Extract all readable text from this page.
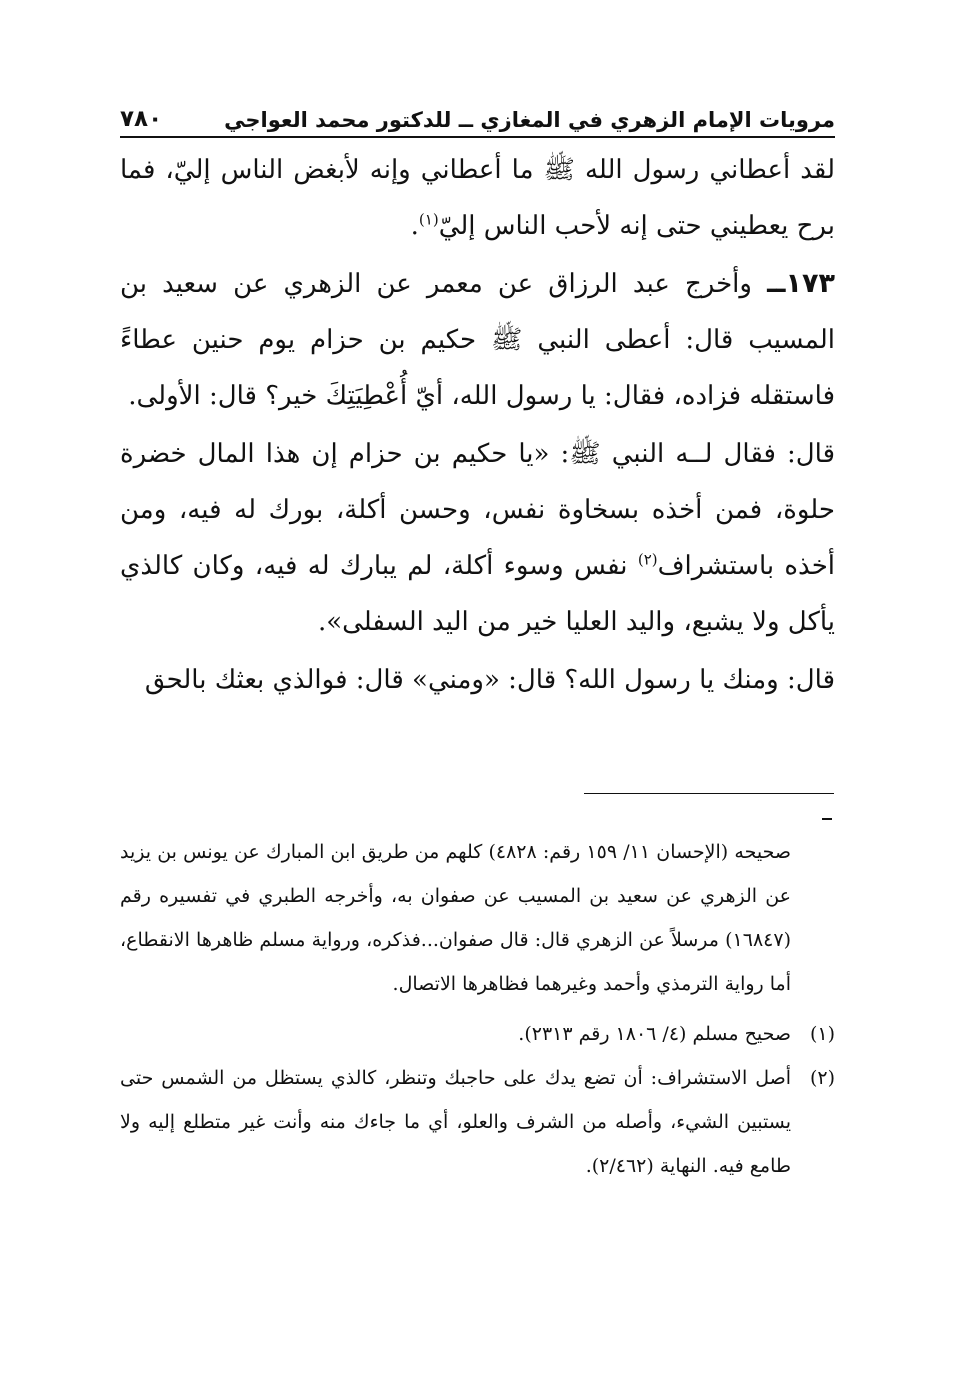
مرويات الإمام الزهري في المغازي ــ للدكتور محمد العواجي
٧٨٠

لقد أعطاني رسول الله ﷺ ما أعطاني وإنه لأبغض الناس إليّ، فما برح يعطيني حتى إنه لأحب الناس إليّ$^{(١)}$.

١٧٣ــ وأخرج عبد الرزاق عن معمر عن الزهري عن سعيد بن المسيب قال: أعطى النبي ﷺ حكيم بن حزام يوم حنين عطاءً فاستقله فزاده، فقال: يا رسول الله، أيّ أُعْطِيَتِكَ خير؟ قال: الأولى.

قال: فقال لــه النبي ﷺ: «يا حكيم بن حزام إن هذا المال خضرة حلوة، فمن أخذه بسخاوة نفس، وحسن أكلة، بورك له فيه، ومن أخذه باستشراف$^{(٢)}$ نفس وسوء أكلة، لم يبارك له فيه، وكان كالذي يأكل ولا يشبع، واليد العليا خير من اليد السفلى».

قال: ومنك يا رسول الله؟ قال: «ومني» قال: فوالذي بعثك بالحق

صحيحه (الإحسان ١١/ ١٥٩ رقم: ٤٨٢٨) كلهم من طريق ابن المبارك عن يونس بن يزيد عن الزهري عن سعيد بن المسيب عن صفوان به، وأخرجه الطبري في تفسيره رقم (١٦٨٤٧) مرسلاً عن الزهري قال: قال صفوان...فذكره، ورواية مسلم ظاهرها الانقطاع، أما رواية الترمذي وأحمد وغيرهما فظاهرها الاتصال.

(١)
صحيح مسلم (٤/ ١٨٠٦ رقم ٢٣١٣).
(٢)
أصل الاستشراف: أن تضع يدك على حاجبك وتنظر، كالذي يستظل من الشمس حتى يستبين الشيء، وأصله من الشرف والعلو، أي ما جاءك منه وأنت غير متطلع إليه ولا طامع فيه. النهاية (٢/٤٦٢).
